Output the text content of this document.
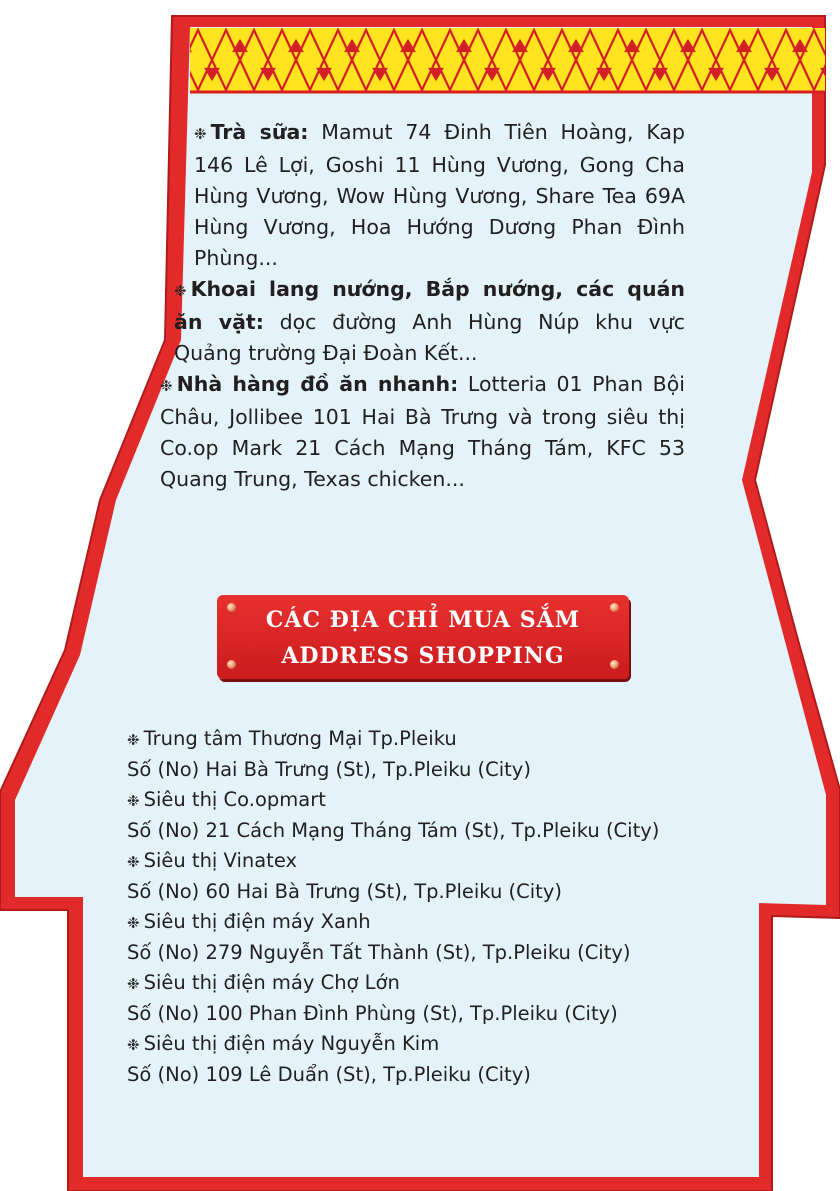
❉ Trà sữa: Mamut 74 Đinh Tiên Hoàng, Kap 146 Lê Lợi, Goshi 11 Hùng Vương, Gong Cha Hùng Vương, Wow Hùng Vương, Share Tea 69A Hùng Vương, Hoa Hướng Dương Phan Đình Phùng...

❉ Khoai lang nướng, Bắp nướng, các quán ăn vặt: dọc đường Anh Hùng Núp khu vực Quảng trường Đại Đoàn Kết...

❉ Nhà hàng đồ ăn nhanh: Lotteria 01 Phan Bội Châu, Jollibee 101 Hai Bà Trưng và trong siêu thị Co.op Mark 21 Cách Mạng Tháng Tám, KFC 53 Quang Trung, Texas chicken...

CÁC ĐỊA CHỈ MUA SẮM
ADDRESS SHOPPING
❉ Trung tâm Thương Mại Tp.Pleiku
Số (No) Hai Bà Trưng (St), Tp.Pleiku (City)
❉ Siêu thị Co.opmart
Số (No) 21 Cách Mạng Tháng Tám (St), Tp.Pleiku (City)
❉ Siêu thị Vinatex
Số (No) 60 Hai Bà Trưng (St), Tp.Pleiku (City)
❉ Siêu thị điện máy Xanh
Số (No) 279 Nguyễn Tất Thành (St), Tp.Pleiku (City)
❉ Siêu thị điện máy Chợ Lớn
Số (No) 100 Phan Đình Phùng (St), Tp.Pleiku (City)
❉ Siêu thị điện máy Nguyễn Kim
Số (No) 109 Lê Duẩn (St), Tp.Pleiku (City)
